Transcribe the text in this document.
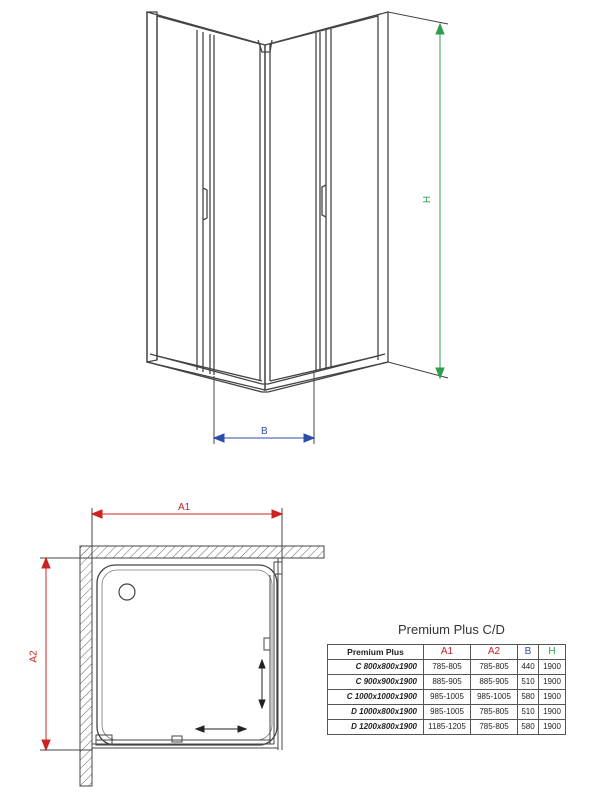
B
H
A1
A2
Premium Plus C/D
Premium Plus	A1	A2	B	H
C 800x800x1900	785-805	785-805	440	1900
C 900x900x1900	885-905	885-905	510	1900
C 1000x1000x1900	985-1005	985-1005	580	1900
D 1000x800x1900	985-1005	785-805	510	1900
D 1200x800x1900	1185-1205	785-805	580	1900
